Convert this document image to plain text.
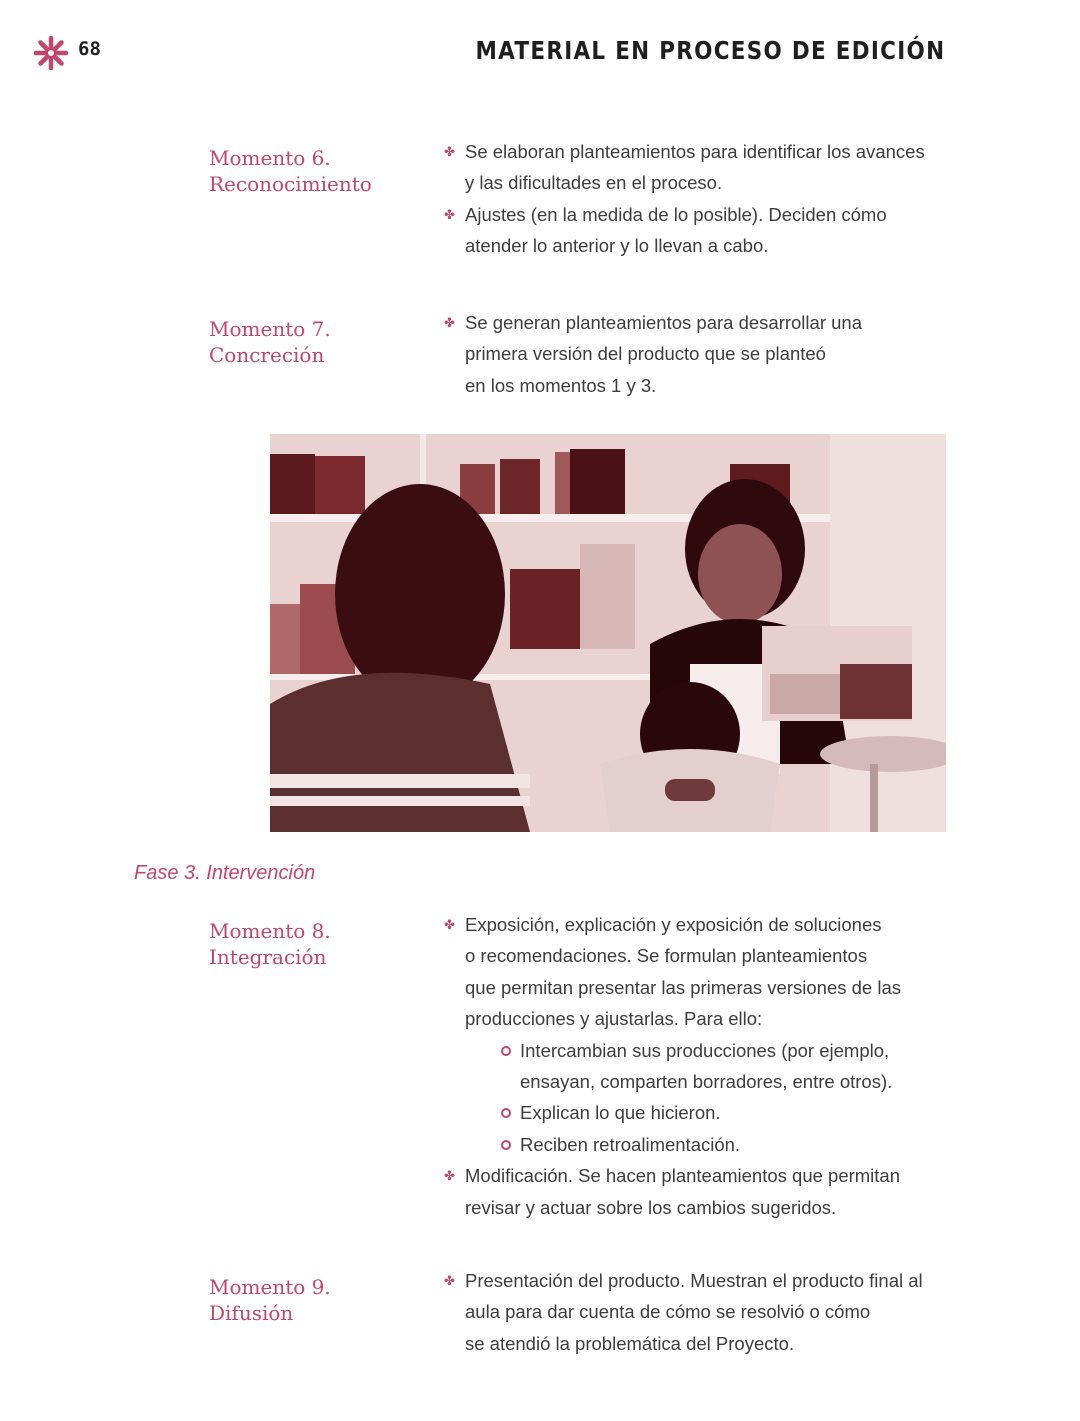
68	MATERIAL EN PROCESO DE EDICIÓN
Momento 6.
Reconocimiento
✤ Se elaboran planteamientos para identificar los avances
y las dificultades en el proceso.
✤ Ajustes (en la medida de lo posible). Deciden cómo
atender lo anterior y lo llevan a cabo.
Momento 7.
Concreción
✤ Se generan planteamientos para desarrollar una
primera versión del producto que se planteó
en los momentos 1 y 3.
Fase 3. Intervención
Momento 8.
Integración
✤ Exposición, explicación y exposición de soluciones
o recomendaciones. Se formulan planteamientos
que permitan presentar las primeras versiones de las
producciones y ajustarlas. Para ello:
Intercambian sus producciones (por ejemplo,
ensayan, comparten borradores, entre otros).
Explican lo que hicieron.
Reciben retroalimentación.
✤ Modificación. Se hacen planteamientos que permitan
revisar y actuar sobre los cambios sugeridos.
Momento 9.
Difusión
✤ Presentación del producto. Muestran el producto final al
aula para dar cuenta de cómo se resolvió o cómo
se atendió la problemática del Proyecto.
